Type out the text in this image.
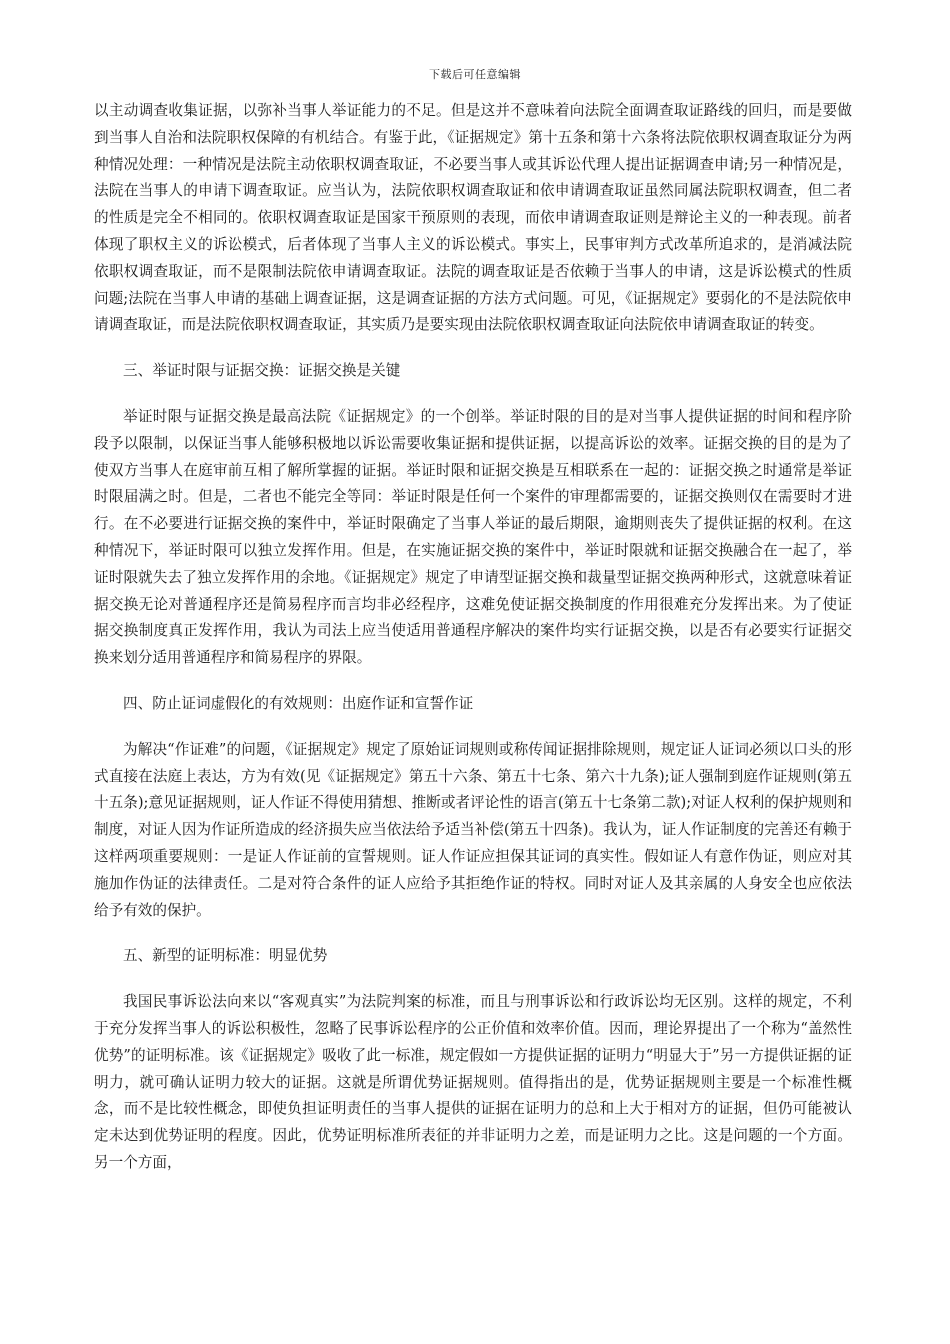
下载后可任意编辑

以主动调查收集证据，以弥补当事人举证能力的不足。但是这并不意味着向法院全面调查取证路线的回归，而是要做到当事人自治和法院职权保障的有机结合。有鉴于此，《证据规定》第十五条和第十六条将法院依职权调查取证分为两种情况处理：一种情况是法院主动依职权调查取证，不必要当事人或其诉讼代理人提出证据调查申请;另一种情况是，法院在当事人的申请下调查取证。应当认为，法院依职权调查取证和依申请调查取证虽然同属法院职权调查，但二者的性质是完全不相同的。依职权调查取证是国家干预原则的表现，而依申请调查取证则是辩论主义的一种表现。前者体现了职权主义的诉讼模式，后者体现了当事人主义的诉讼模式。事实上，民事审判方式改革所追求的，是消减法院依职权调查取证，而不是限制法院依申请调查取证。法院的调查取证是否依赖于当事人的申请，这是诉讼模式的性质问题;法院在当事人申请的基础上调查证据，这是调查证据的方法方式问题。可见，《证据规定》要弱化的不是法院依申请调查取证，而是法院依职权调查取证，其实质乃是要实现由法院依职权调查取证向法院依申请调查取证的转变。

三、举证时限与证据交换：证据交换是关键

举证时限与证据交换是最高法院《证据规定》的一个创举。举证时限的目的是对当事人提供证据的时间和程序阶段予以限制，以保证当事人能够积极地以诉讼需要收集证据和提供证据，以提高诉讼的效率。证据交换的目的是为了使双方当事人在庭审前互相了解所掌握的证据。举证时限和证据交换是互相联系在一起的：证据交换之时通常是举证时限届满之时。但是，二者也不能完全等同：举证时限是任何一个案件的审理都需要的，证据交换则仅在需要时才进行。在不必要进行证据交换的案件中，举证时限确定了当事人举证的最后期限，逾期则丧失了提供证据的权利。在这种情况下，举证时限可以独立发挥作用。但是，在实施证据交换的案件中，举证时限就和证据交换融合在一起了，举证时限就失去了独立发挥作用的余地。《证据规定》规定了申请型证据交换和裁量型证据交换两种形式，这就意味着证据交换无论对普通程序还是简易程序而言均非必经程序，这难免使证据交换制度的作用很难充分发挥出来。为了使证据交换制度真正发挥作用，我认为司法上应当使适用普通程序解决的案件均实行证据交换，以是否有必要实行证据交换来划分适用普通程序和简易程序的界限。

四、防止证词虚假化的有效规则：出庭作证和宣誓作证

为解决“作证难”的问题，《证据规定》规定了原始证词规则或称传闻证据排除规则，规定证人证词必须以口头的形式直接在法庭上表达，方为有效(见《证据规定》第五十六条、第五十七条、第六十九条);证人强制到庭作证规则(第五十五条);意见证据规则，证人作证不得使用猜想、推断或者评论性的语言(第五十七条第二款);对证人权利的保护规则和制度，对证人因为作证所造成的经济损失应当依法给予适当补偿(第五十四条)。我认为，证人作证制度的完善还有赖于这样两项重要规则：一是证人作证前的宣誓规则。证人作证应担保其证词的真实性。假如证人有意作伪证，则应对其施加作伪证的法律责任。二是对符合条件的证人应给予其拒绝作证的特权。同时对证人及其亲属的人身安全也应依法给予有效的保护。

五、新型的证明标准：明显优势

我国民事诉讼法向来以“客观真实”为法院判案的标准，而且与刑事诉讼和行政诉讼均无区别。这样的规定，不利于充分发挥当事人的诉讼积极性，忽略了民事诉讼程序的公正价值和效率价值。因而，理论界提出了一个称为“盖然性优势”的证明标准。该《证据规定》吸收了此一标准，规定假如一方提供证据的证明力“明显大于”另一方提供证据的证明力，就可确认证明力较大的证据。这就是所谓优势证据规则。值得指出的是，优势证据规则主要是一个标准性概念，而不是比较性概念，即使负担证明责任的当事人提供的证据在证明力的总和上大于相对方的证据，但仍可能被认定未达到优势证明的程度。因此，优势证明标准所表征的并非证明力之差，而是证明力之比。这是问题的一个方面。另一个方面，
